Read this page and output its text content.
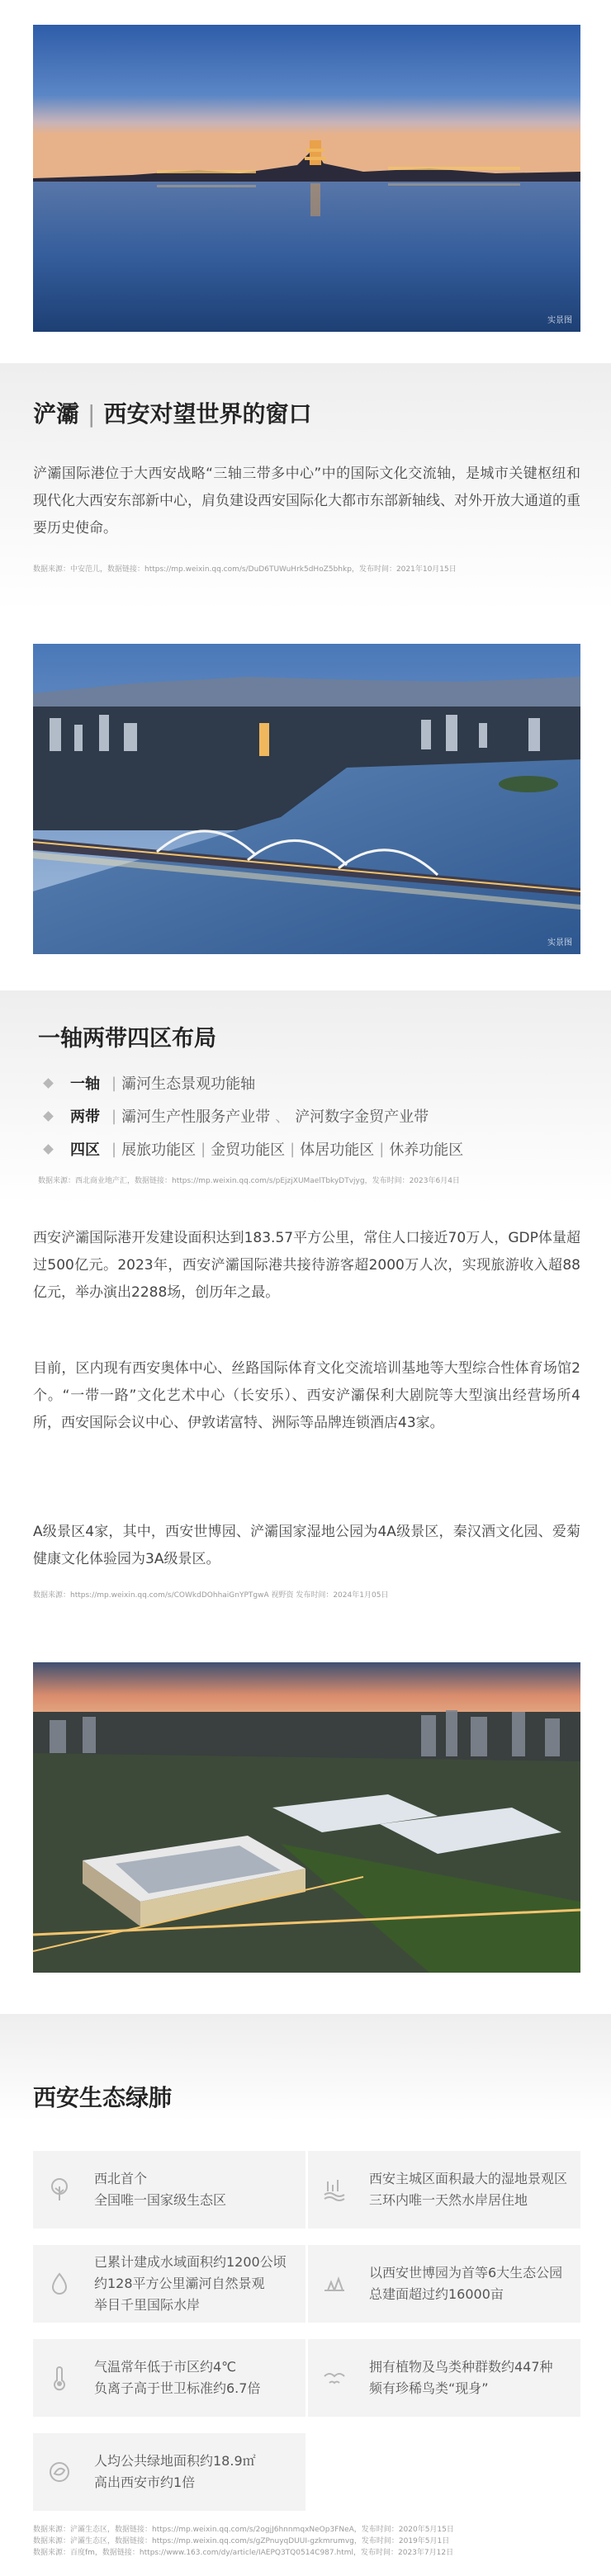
实景图
浐灞 | 西安对望世界的窗口

浐灞国际港位于大西安战略“三轴三带多中心”中的国际文化交流轴，是城市关键枢纽和现代化大西安东部新中心，肩负建设西安国际化大都市东部新轴线、对外开放大通道的重要历史使命。

数据来源：中安范儿，数据链接：https://mp.weixin.qq.com/s/DuD6TUWuHrk5dHoZ5bhkp，发布时间：2021年10月15日

实景图
一轴两带四区布局
一轴 | 灞河生态景观功能轴
两带 | 灞河生产性服务产业带 、 浐河数字金贸产业带
四区 | 展旅功能区 | 金贸功能区 | 体居功能区 | 休养功能区

数据来源：西北商业地产汇，数据链接：https://mp.weixin.qq.com/s/pEjzjXUMaelTbkyDTvjyg，发布时间：2023年6月4日

西安浐灞国际港开发建设面积达到183.57平方公里，常住人口接近70万人，GDP体量超过500亿元。2023年，西安浐灞国际港共接待游客超2000万人次，实现旅游收入超88亿元，举办演出2288场，创历年之最。

目前，区内现有西安奥体中心、丝路国际体育文化交流培训基地等大型综合性体育场馆2个。“一带一路”文化艺术中心（长安乐）、西安浐灞保利大剧院等大型演出经营场所4所，西安国际会议中心、伊敦诺富特、洲际等品牌连锁酒店43家。

A级景区4家，其中，西安世博园、浐灞国家湿地公园为4A级景区，秦汉酒文化园、爱菊健康文化体验园为3A级景区。

数据来源：https://mp.weixin.qq.com/s/COWkdDOhhaiGnYPTgwA 视野资 发布时间：2024年1月05日

西安生态绿肺
西北首个
全国唯一国家级生态区
西安主城区面积最大的湿地景观区
三环内唯一天然水岸居住地
已累计建成水域面积约1200公顷
约128平方公里灞河自然景观
举目千里国际水岸
以西安世博园为首等6大生态公园
总建面超过约16000亩
气温常年低于市区约4℃
负离子高于世卫标准约6.7倍
拥有植物及鸟类种群数约447种
频有珍稀鸟类“现身”
人均公共绿地面积约18.9㎡
高出西安市约1倍

数据来源：浐灞生态区，数据链接：https://mp.weixin.qq.com/s/2ogjJ6hnnmqxNeOp3FNeA，发布时间：2020年5月15日

数据来源：浐灞生态区，数据链接：https://mp.weixin.qq.com/s/gZPnuyqDUUI-gzkmrumvg，发布时间：2019年5月1日

数据来源：百度fm，数据链接：https://www.163.com/dy/article/IAEPQ3TQ0514C987.html，发布时间：2023年7月12日
